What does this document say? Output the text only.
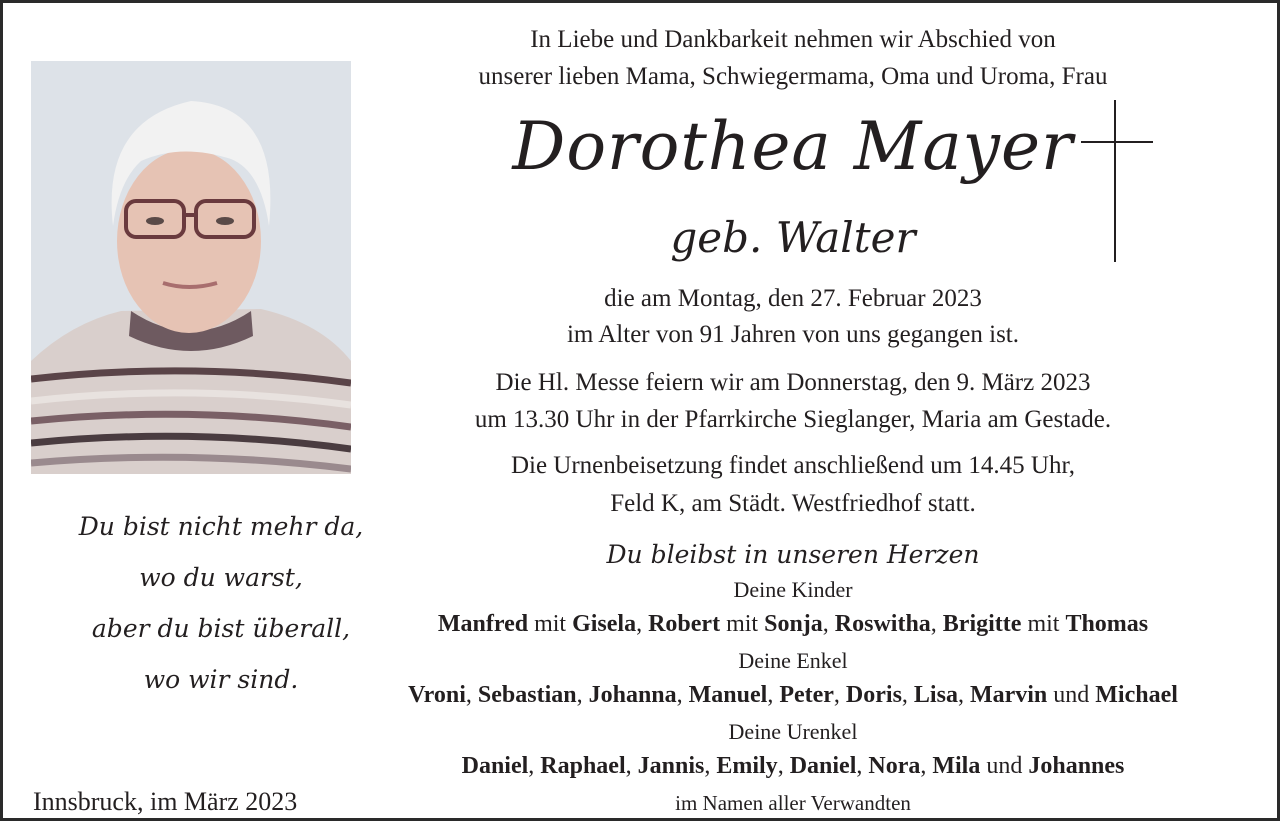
Du bist nicht mehr da,
wo du warst,
aber du bist überall,
wo wir sind.
Innsbruck, im März 2023
In Liebe und Dankbarkeit nehmen wir Abschied von
unserer lieben Mama, Schwiegermama, Oma und Uroma, Frau
Dorothea Mayer
geb. Walter
die am Montag, den 27. Februar 2023
im Alter von 91 Jahren von uns gegangen ist.
Die Hl. Messe feiern wir am Donnerstag, den 9. März 2023
um 13.30 Uhr in der Pfarrkirche Sieglanger, Maria am Gestade.
Die Urnenbeisetzung findet anschließend um 14.45 Uhr,
Feld K, am Städt. Westfriedhof statt.
Du bleibst in unseren Herzen
Deine Kinder
Manfred mit Gisela, Robert mit Sonja, Roswitha, Brigitte mit Thomas
Deine Enkel
Vroni, Sebastian, Johanna, Manuel, Peter, Doris, Lisa, Marvin und Michael
Deine Urenkel
Daniel, Raphael, Jannis, Emily, Daniel, Nora, Mila und Johannes
im Namen aller Verwandten
